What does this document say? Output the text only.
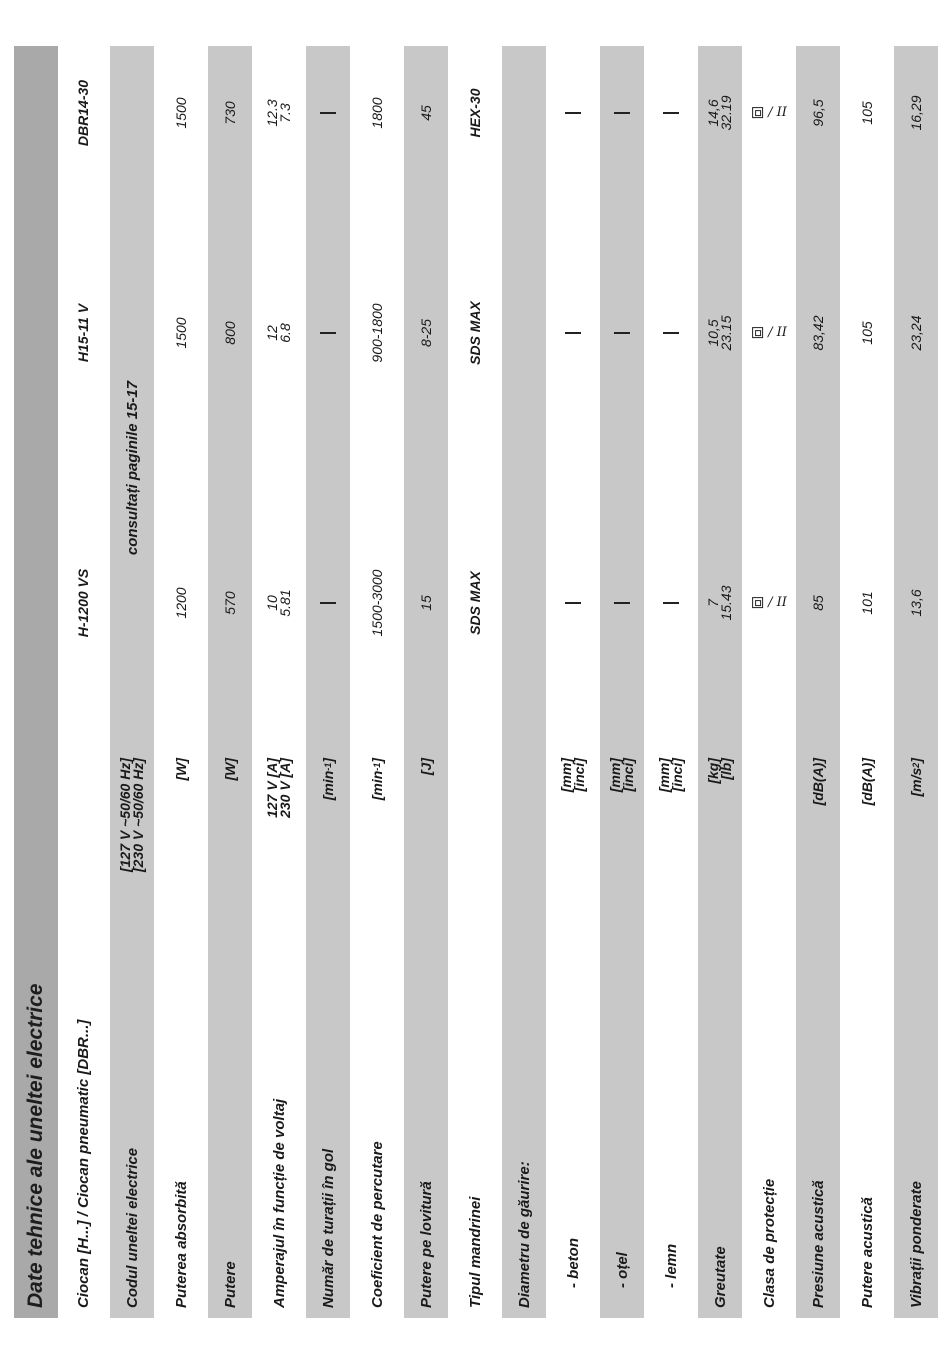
Date tehnice ale uneltei electrice	Ciocan [H...] / Ciocan pneumatic [DBR...]
H-1200 VS
H15-11 V
DBR14-30
Codul uneltei electrice
[127 V ~50/60 Hz]
[230 V ~50/60 Hz]
consultați paginile 15-17
Puterea absorbită
[W]
1200
1500
1500
Putere
[W]
570
800
730
Amperajul în funcție de voltaj
127 V [A]
230 V [A]
10
5.81
12
6.8
12.3
7.3
Număr de turații în gol
[min
-1
]
Coeficient de percutare
[min
-1
]
1500-3000
900-1800
1800
Putere pe lovitură
[J]
15
8-25
45
Tipul mandrinei
SDS MAX
SDS MAX
HEX-30
Diametru de găurire:	- beton
[mm]
[inci]
- oțel
[mm]
[inci]
- lemn
[mm]
[inci]
Greutate
[kg]
[lb]
7
15.43
10,5
23.15
14,6
32.19
Clasa de protecție
/ II
/ II
/ II
Presiune acustică
[dB(A)]
85
83,42
96,5
Putere acustică
[dB(A)]
101
105
105
Vibrații ponderate
[m/s
2
]
13,6
23,24
16,29
